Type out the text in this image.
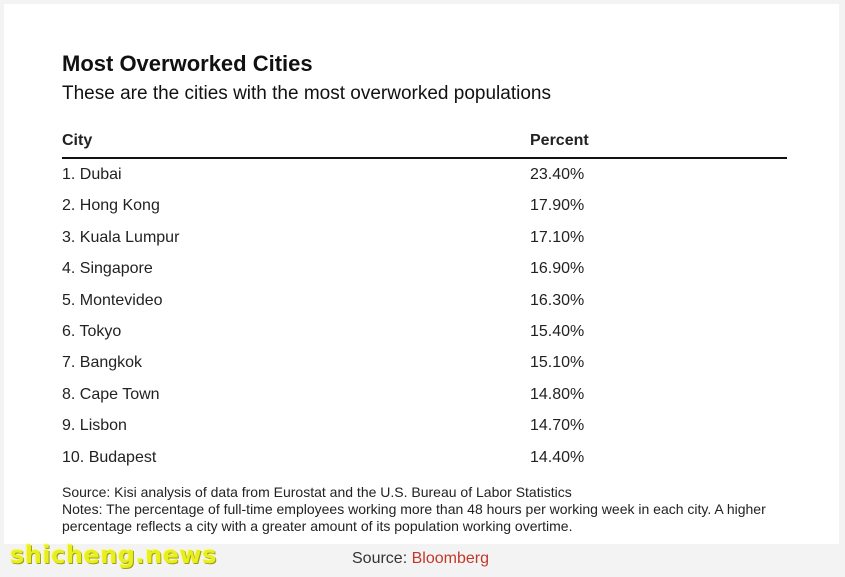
Most Overworked Cities
These are the cities with the most overworked populations
City	Percent
1. Dubai	23.40%
2. Hong Kong	17.90%
3. Kuala Lumpur	17.10%
4. Singapore	16.90%
5. Montevideo	16.30%
6. Tokyo	15.40%
7. Bangkok	15.10%
8. Cape Town	14.80%
9. Lisbon	14.70%
10. Budapest	14.40%
Source: Kisi analysis of data from Eurostat and the U.S. Bureau of Labor Statistics
Notes: The percentage of full-time employees working more than 48 hours per working week in each city. A higher percentage reflects a city with a greater amount of its population working overtime.
shicheng.news	Source: Bloomberg
